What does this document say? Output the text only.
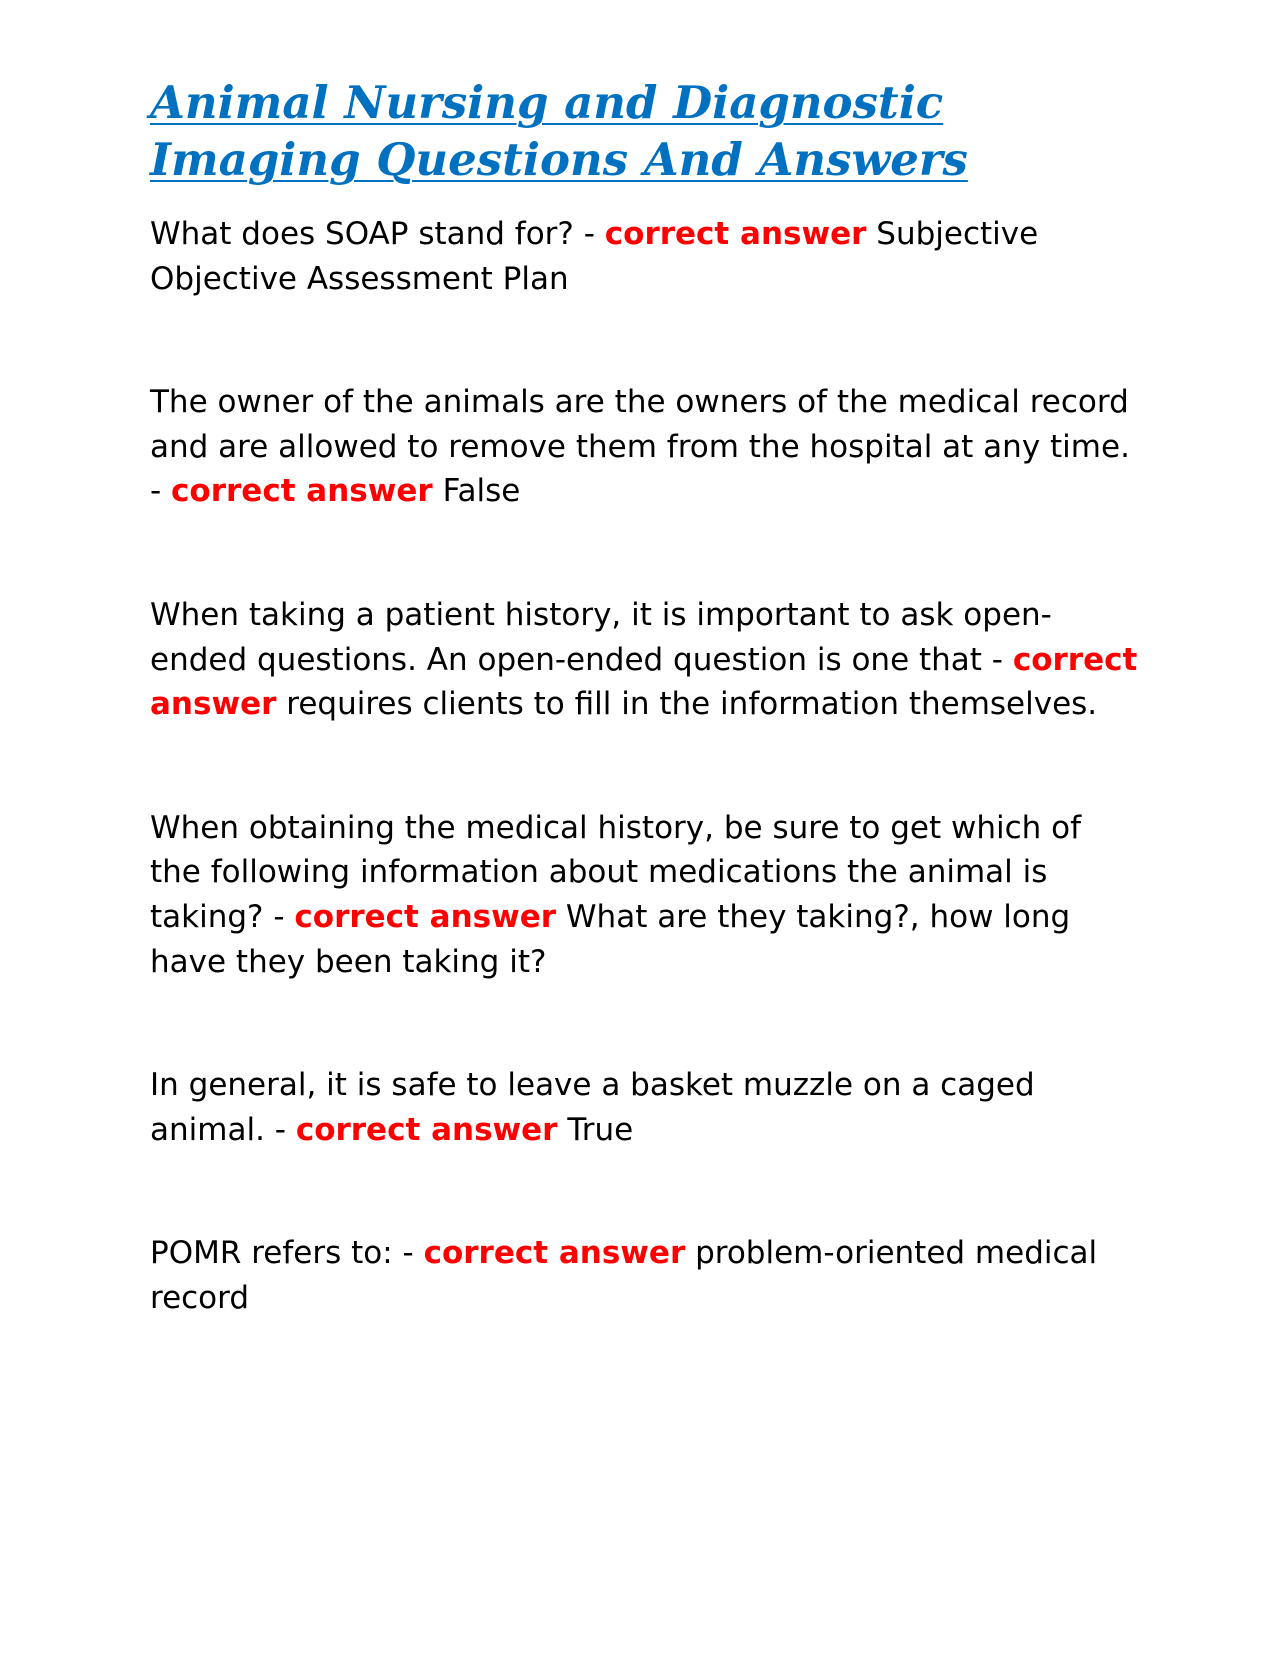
Animal Nursing and Diagnostic Imaging Questions And Answers

What does SOAP stand for? - correct answer Subjective Objective Assessment Plan

The owner of the animals are the owners of the medical record and are allowed to remove them from the hospital at any time. - correct answer False

When taking a patient history, it is important to ask open-ended questions. An open-ended question is one that - correct answer requires clients to fill in the information themselves.

When obtaining the medical history, be sure to get which of the following information about medications the animal is taking? - correct answer What are they taking?, how long have they been taking it?

In general, it is safe to leave a basket muzzle on a caged animal. - correct answer True

POMR refers to: - correct answer problem-oriented medical record
